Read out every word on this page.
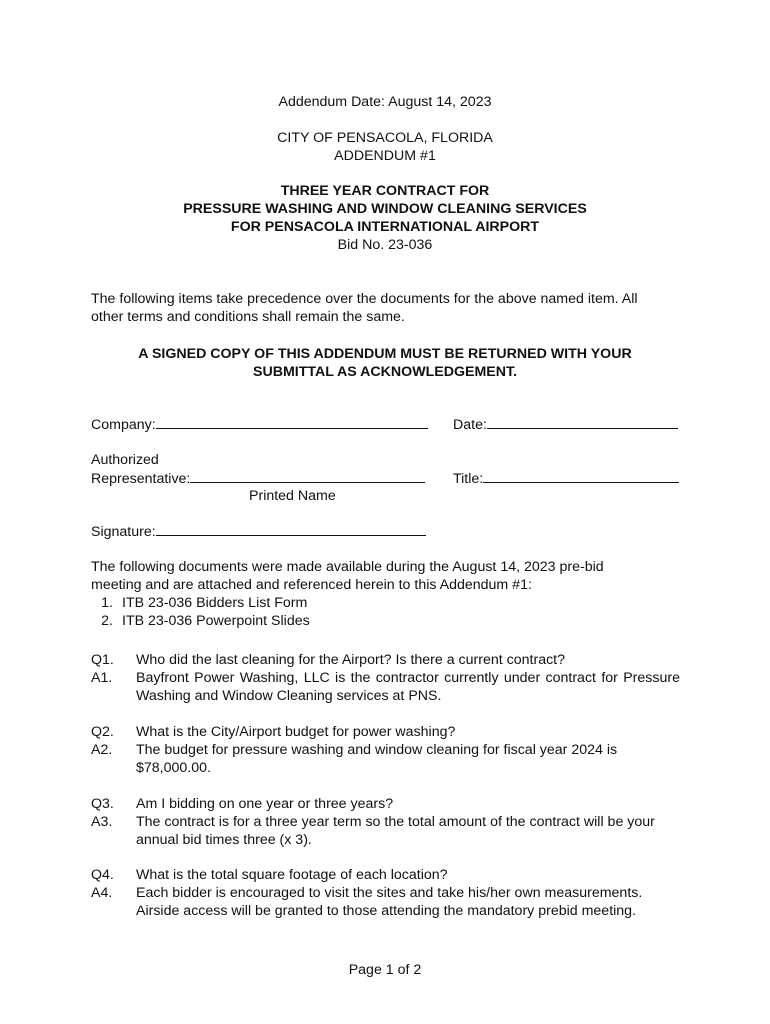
Addendum Date: August 14, 2023
CITY OF PENSACOLA, FLORIDA
ADDENDUM #1
THREE YEAR CONTRACT FOR
PRESSURE WASHING AND WINDOW CLEANING SERVICES
FOR PENSACOLA INTERNATIONAL AIRPORT
Bid No. 23-036
The following items take precedence over the documents for the above named item. All
other terms and conditions shall remain the same.
A SIGNED COPY OF THIS ADDENDUM MUST BE RETURNED WITH YOUR
SUBMITTAL AS ACKNOWLEDGEMENT.
Company:	Date:
Authorized
Representative:	Title:
Printed Name
Signature:
The following documents were made available during the August 14, 2023 pre-bid
meeting and are attached and referenced herein to this Addendum #1:
1. ITB 23-036 Bidders List Form
2. ITB 23-036 Powerpoint Slides
Q1. Who did the last cleaning for the Airport? Is there a current contract?
A1. Bayfront Power Washing, LLC is the contractor currently under contract for Pressure Washing and Window Cleaning services at PNS.
Q2. What is the City/Airport budget for power washing?
A2. The budget for pressure washing and window cleaning for fiscal year 2024 is $78,000.00.
Q3. Am I bidding on one year or three years?
A3. The contract is for a three year term so the total amount of the contract will be your annual bid times three (x 3).
Q4. What is the total square footage of each location?
A4. Each bidder is encouraged to visit the sites and take his/her own measurements. Airside access will be granted to those attending the mandatory prebid meeting.
Page 1 of 2
